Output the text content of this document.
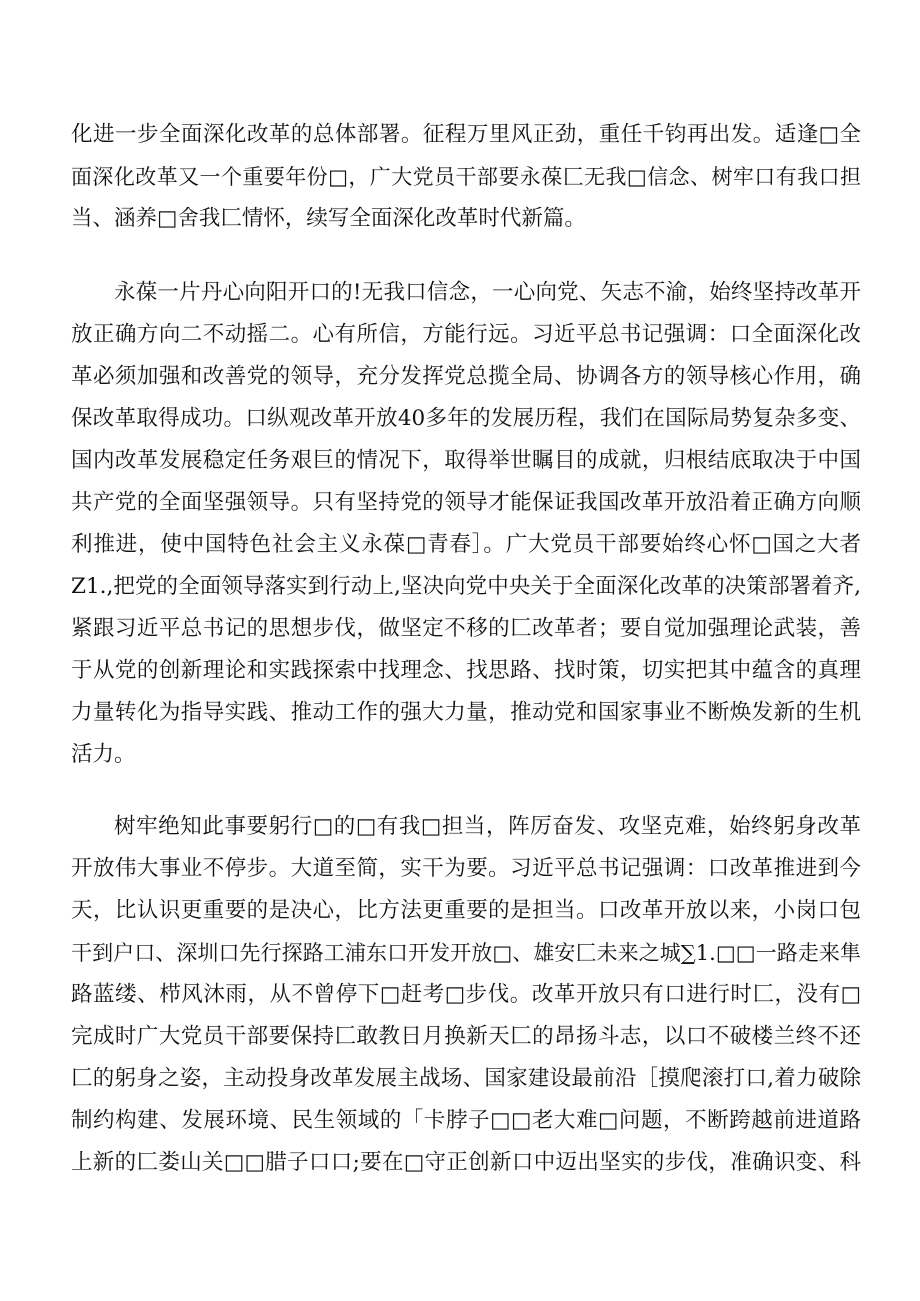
化进一步全面深化改革的总体部署。征程万里风正劲，重任千钧再出发。适逢□全
面深化改革又一个重要年份□，广大党员干部要永葆匚无我□信念、树牢口有我口担
当、涵养□舍我匚情怀，续写全面深化改革时代新篇。
永葆一片丹心向阳开口的!无我口信念，一心向党、矢志不渝，始终坚持改革开
放正确方向二不动摇二。心有所信，方能行远。习近平总书记强调：口全面深化改
革必须加强和改善党的领导，充分发挥党总揽全局、协调各方的领导核心作用，确
保改革取得成功。口纵观改革开放40多年的发展历程，我们在国际局势复杂多变、
国内改革发展稳定任务艰巨的情况下，取得举世瞩目的成就，归根结底取决于中国
共产党的全面坚强领导。只有坚持党的领导才能保证我国改革开放沿着正确方向顺
利推进，使中国特色社会主义永葆□青春］。广大党员干部要始终心怀□国之大者
Z1.,把党的全面领导落实到行动上,坚决向党中央关于全面深化改革的决策部署着齐,
紧跟习近平总书记的思想步伐，做坚定不移的匚改革者；要自觉加强理论武装，善
于从党的创新理论和实践探索中找理念、找思路、找时策，切实把其中蕴含的真理
力量转化为指导实践、推动工作的强大力量，推动党和国家事业不断焕发新的生机
活力。
树牢绝知此事要躬行□的□有我□担当，阵厉奋发、攻坚克难，始终躬身改革
开放伟大事业不停步。大道至简，实干为要。习近平总书记强调：口改革推进到今
天，比认识更重要的是决心，比方法更重要的是担当。口改革开放以来，小岗口包
干到户口、深圳口先行探路工浦东口开发开放□、雄安匚未来之城∑1.□□一路走来隼
路蓝缕、栉风沐雨，从不曾停下□赶考□步伐。改革开放只有口进行时匚，没有□
完成时广大党员干部要保持匚敢教日月换新天匚的昂扬斗志，以口不破楼兰终不还
匚的躬身之姿，主动投身改革发展主战场、国家建设最前沿［摸爬滚打口,着力破除
制约构建、发展环境、民生领域的「卡脖子□□老大难□问题，不断跨越前进道路
上新的匚娄山关□□腊子口口;要在□守正创新口中迈出坚实的步伐，准确识变、科
